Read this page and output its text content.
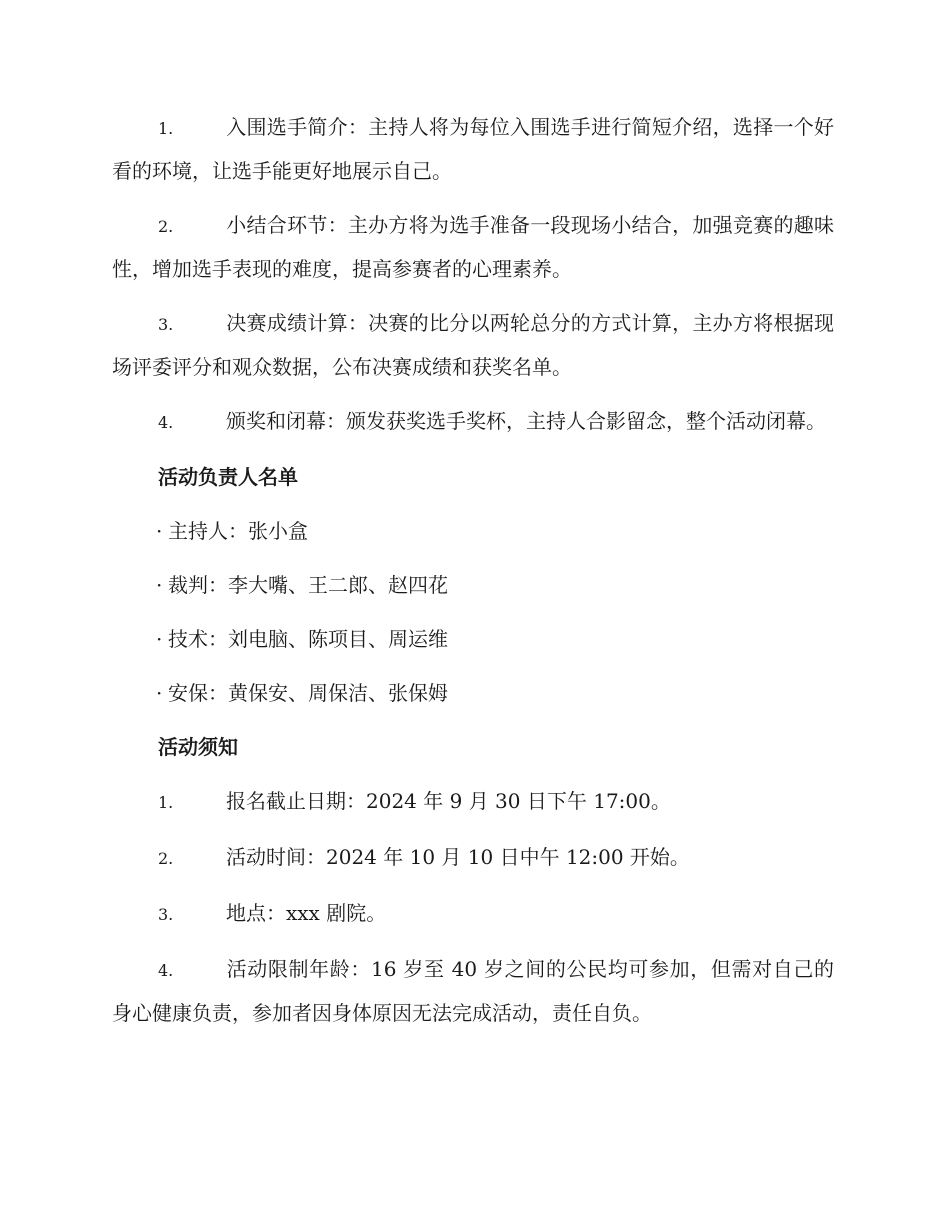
1.	入围选手简介：主持人将为每位入围选手进行简短介绍，选择一个好看的环境，让选手能更好地展示自己。

2.	小结合环节：主办方将为选手准备一段现场小结合，加强竞赛的趣味性，增加选手表现的难度，提高参赛者的心理素养。

3.	决赛成绩计算：决赛的比分以两轮总分的方式计算，主办方将根据现场评委评分和观众数据，公布决赛成绩和获奖名单。

4.	颁奖和闭幕：颁发获奖选手奖杯，主持人合影留念，整个活动闭幕。

活动负责人名单
· 主持人：张小盒
· 裁判：李大嘴、王二郎、赵四花
· 技术：刘电脑、陈项目、周运维
· 安保：黄保安、周保洁、张保姆
活动须知

1.	报名截止日期：2024 年 9 月 30 日下午 17:00。

2.	活动时间：2024 年 10 月 10 日中午 12:00 开始。

3.	地点：xxx 剧院。

4.	活动限制年龄：16 岁至 40 岁之间的公民均可参加，但需对自己的身心健康负责，参加者因身体原因无法完成活动，责任自负。
